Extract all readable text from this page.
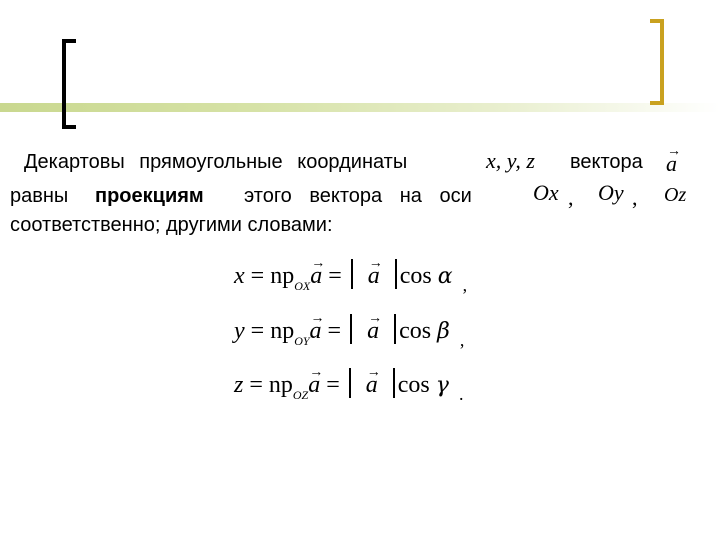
Декартовы прямоугольные координаты	x, y, z вектора
→ a
равны проекциям этого вектора на оси	Ox , Oy , Oz
соответственно; другими словами:
$x = np_{OX}\to a$ = → a cos α $_,$
$y = np_{OY}\to a$ = → a cos β $_,$
$z = np_{OZ}\to a$ = → a cos γ $_.$
